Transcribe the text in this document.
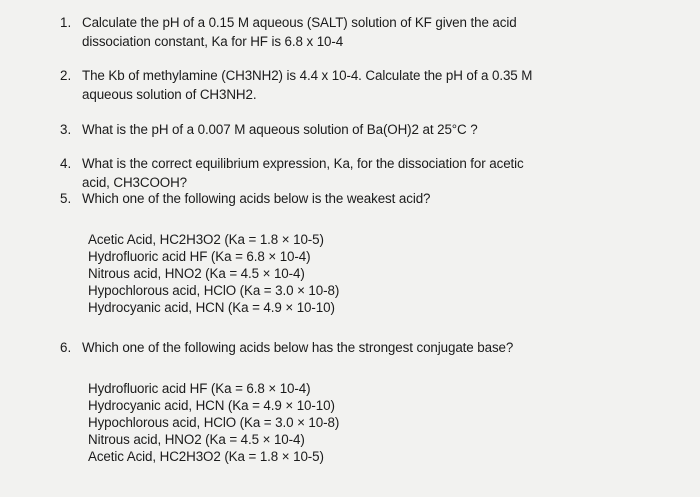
1. Calculate the pH of a 0.15 M aqueous (SALT) solution of KF given the acid
dissociation constant, Ka for HF is 6.8 x 10-4
2. The Kb of methylamine (CH3NH2) is 4.4 x 10-4. Calculate the pH of a 0.35 M
aqueous solution of CH3NH2.
3. What is the pH of a 0.007 M aqueous solution of Ba(OH)2 at 25°C ?
4. What is the correct equilibrium expression, Ka, for the dissociation for acetic
acid, CH3COOH?
5. Which one of the following acids below is the weakest acid?
Acetic Acid, HC2H3O2 (Ka = 1.8 × 10-5)
Hydrofluoric acid HF (Ka = 6.8 × 10-4)
Nitrous acid, HNO2 (Ka = 4.5 × 10-4)
Hypochlorous acid, HClO (Ka = 3.0 × 10-8)
Hydrocyanic acid, HCN (Ka = 4.9 × 10-10)
6. Which one of the following acids below has the strongest conjugate base?
Hydrofluoric acid HF (Ka = 6.8 × 10-4)
Hydrocyanic acid, HCN (Ka = 4.9 × 10-10)
Hypochlorous acid, HClO (Ka = 3.0 × 10-8)
Nitrous acid, HNO2 (Ka = 4.5 × 10-4)
Acetic Acid, HC2H3O2 (Ka = 1.8 × 10-5)
